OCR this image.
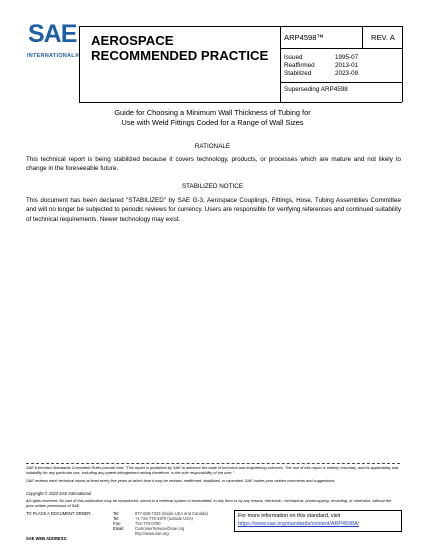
SAE
INTERNATIONAL®
AEROSPACE
RECOMMENDED PRACTICE
ARP4598™	REV. A
Issued	1995-07
Reaffirmed	2013-01
Stabilized	2023-09
Superseding ARP4598
Guide for Choosing a Minimum Wall Thickness of Tubing for
Use with Weld Fittings Coded for a Range of Wall Sizes
RATIONALE
This technical report is being stabilized because it covers technology, products, or processes which are mature and not likely to change in the foreseeable future.
STABILIZED NOTICE
This document has been declared "STABILIZED" by SAE G-3, Aerospace Couplings, Fittings, Hose, Tubing Assemblies Committee and will no longer be subjected to periodic reviews for currency. Users are responsible for verifying references and continued suitability of technical requirements. Newer technology may exist.
SAE Executive Standards Committee Rules provide that: "This report is published by SAE to advance the state of technical and engineering sciences. The use of this report is entirely voluntary, and its applicability and suitability for any particular use, including any patent infringement arising therefrom, is the sole responsibility of the user."
SAE reviews each technical report at least every five years at which time it may be revised, reaffirmed, stabilized, or cancelled. SAE invites your written comments and suggestions.
Copyright © 2023 SAE International
All rights reserved. No part of this publication may be reproduced, stored in a retrieval system or transmitted, in any form or by any means, electronic, mechanical, photocopying, recording, or otherwise, without the prior written permission of SAE.
TO PLACE A DOCUMENT ORDER:	Tel:	877-606-7323 (inside USA and Canada)
Tel:	+1 724-776-4970 (outside USA)
Fax:	724-776-0790
Email:	CustomerService@sae.org
http://www.sae.org
For more information on this standard, visit
https://www.sae.org/standards/content/ARP4598A/
SAE WEB ADDRESS:
